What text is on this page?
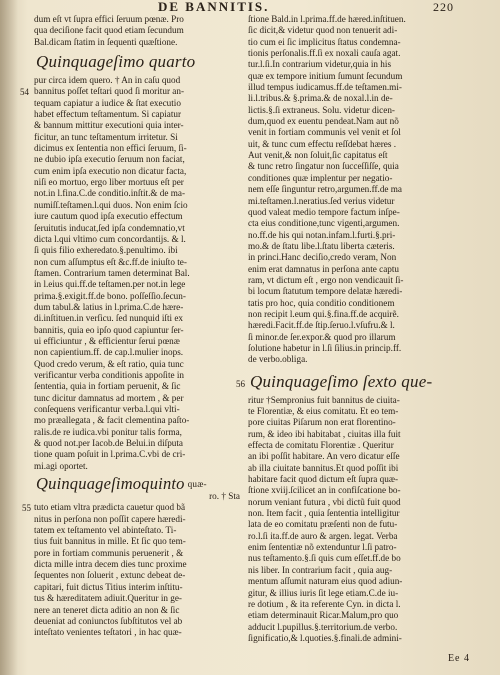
DE BANNITIS.	220
dum eſt vt ſupra effici ſeruum pœnæ. Pro
qua deciſione facit quod etiam ſecundum
Bal.dicam ſtatim in ſequenti quæſtione.
Quinquageſimo quarto
pur circa idem quero. † An in caſu quod
bannitus poſſet teſtari quod ſi moritur an-
tequam capiatur a iudice & ſtat executio
habet effectum teſtamentum. Si capiatur
& bannum mittitur executioni quia inter-
ficitur, an tunc teſtamentum irritetur. Si
dicimus ex ſententia non effici ſeruum, ſi-
ne dubio ipſa executio ſeruum non faciat,
cum enim ipſa executio non dicatur facta,
niſi eo mortuo, ergo liber mortuus eſt per
not.in l.fina.C.de conditio.inſtit.& de ma-
numiſſ.teſtamen.l.qui duos. Non enim ſcio
iure cautum quod ipſa executio effectum
ſeruitutis inducat,ſed ipſa condemnatio,vt
dicta l.qui vltimo cum concordantijs. & l.
ſi quis filio exheredato.§.penultimo. ibi
non cum aſſumptus eſt &c.ff.de iniuſto te-
ſtamen. Contrarium tamen determinat Bal.
in l.eius qui.ff.de teſtamen.per not.in lege
prima.§.exigit.ff.de bono. poſſeſſio.ſecun-
dum tabul.& latius in l.prima.C.de hære-
di.inſtituen.in verſicu. ſed nunquid iſti ex
bannitis, quia eo ipſo quod capiuntur ſer-
ui efficiuntur , & efficientur ſerui pœnæ
non capientium.ff. de cap.l.mulier inops.
Quod credo verum, & eſt ratio, quia tunc
verificantur verba conditionis appoſite in
ſententia, quia in fortiam peruenit, & ſic
tunc dicitur damnatus ad mortem , & per
conſequens verificantur verba.l.qui vlti-
mo præallegata , & facit clementina paſto-
ralis.de re iudica.vbi ponitur talis forma,
& quod not.per Iacob.de Belui.in diſputa
tione quam poſuit in l.prima.C.vbi de cri-
mi.agi oportet.
Quinquageſimoquinto $^{quæ-}$
ro. † Sta
tuto etiam vltra prædicta cauetur quod bã
nitus in perſona non poſſit capere hæredi-
tatem ex teſtamento vel abinteſtato. Ti-
tius fuit bannitus in mille. Et ſic quo tem-
pore in fortiam communis peruenerit , &
dicta mille intra decem dies tunc proxime
ſequentes non ſoluerit , extunc debeat de-
capitari, fuit dictus Titius interim inſtitu-
tus & hæreditatem adiuit.Queritur in ge-
nere an teneret dicta aditio an non & ſic
deueniat ad coniunctos ſubſtitutos vel ab
inteſtato venientes teſtatori , in hac quæ-
54
55
ſtione Bald.in l.prima.ff.de hæred.inſtituen.
ſic dicit,& videtur quod non tenuerit adi-
tio cum ei ſic implicitus ſtatus condemna-
tionis perſonalis.ff.ſi ex noxali cauſa agat.
tur.l.ſi.In contrarium videtur,quia in his
quæ ex tempore initium ſumunt ſecundum
illud tempus iudicamus.ff.de teſtamen.mi-
li.l.tribus.& §.prima.& de noxal.l.in de-
lictis.§.ſi extraneus. Solu. videtur dicen-
dum,quod ex euentu pendeat.Nam aut nõ
venit in fortiam communis vel venit et ſol
uit, & tunc cum effectu reſſdebat hæres .
Aut venit,& non ſoluit,ſic capitatus eſt
& tunc retro ſingatur non ſucceſſiſſe, quia
conditiones quæ implentur per negatio-
nem eſſe ſinguntur retro,argumen.ff.de ma
mi.teſtamen.l.neratius.ſed verius videtur
quod valeat medio tempore factum inſpe-
cta eius conditione,tunc vigenti,argumen.
no.ff.de his qui notan.infam.l.furti.§.pri-
mo.& de ſtatu libe.l.ſtatu liberta cæteris.
in princi.Hanc deciſio,credo veram, Non
enim erat damnatus in perſona ante captu
ram, vt dictum eſt , ergo non vendicauit ſi-
bi locum ſtatutum tempore delatæ hæredi-
tatis pro hoc, quia conditio conditionem
non recipit l.eum qui.§.fina.ff.de acquirẽ.
hæredi.Facit.ff.de ſtip.ſeruo.l.vſufru.& l.
ſi minor.de ſer.expor.& quod pro illarum
ſolutione habetur in l.ſi ſilius.in princip.ff.
de verbo.obliga.
Quinquageſimo ſexto que-
ritur †Sempronius fuit bannitus de ciuita-
te Florentiæ, & eius comitatu. Et eo tem-
pore ciuitas Piſarum non erat florentino-
rum, & ideo ibi habitabat , ciuitas illa fuit
effecta de comitatu Florentiæ . Queritur
an ibi poſſit habitare. An vero dicatur eſſe
ab illa ciuitate bannitus.Et quod poſſit ibi
habitare facit quod dictum eſt ſupra quæ-
ſtione xviij.ſcilicet an in confiſcatione bo-
norum veniant futura , vbi dictũ fuit quod
non. Item facit , quia ſententia intelligitur
lata de eo comitatu præſenti non de futu-
ro.l.ſi ita.ff.de auro & argen. legat. Verba
enim ſententiæ nõ extenduntur l.ſi patro-
nus teſtamento.§.ſi quis cum eſſet.ff.de bo
nis liber. In contrarium facit , quia aug-
mentum aſſumit naturam eius quod adiun-
gitur, & illius iuris ſit lege etiam.C.de iu-
re dotium , & ita referente Cyn. in dicta l.
etiam determinauit Ricar.Malum,pro quo
adducit l.pupillus.§.territorium.de verbo.
ſignificatio,& l.quoties.§.finali.de admini-
56
Ee 4
